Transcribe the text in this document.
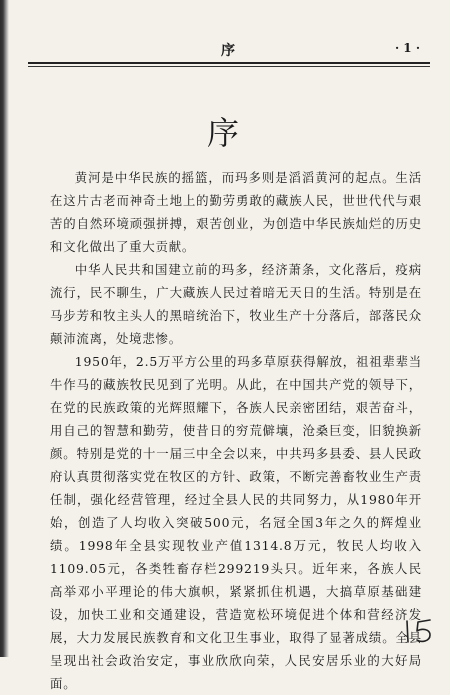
序	· 1 ·
序

黄河是中华民族的摇篮，而玛多则是滔滔黄河的起点。生活在这片古老而神奇土地上的勤劳勇敢的藏族人民，世世代代与艰苦的自然环境顽强拼搏，艰苦创业，为创造中华民族灿烂的历史和文化做出了重大贡献。

中华人民共和国建立前的玛多，经济萧条，文化落后，疫病流行，民不聊生，广大藏族人民过着暗无天日的生活。特别是在马步芳和牧主头人的黑暗统治下，牧业生产十分落后，部落民众颠沛流离，处境悲惨。

1950年，2.5万平方公里的玛多草原获得解放，祖祖辈辈当牛作马的藏族牧民见到了光明。从此，在中国共产党的领导下，在党的民族政策的光辉照耀下，各族人民亲密团结，艰苦奋斗，用自己的智慧和勤劳，使昔日的穷荒僻壤，沧桑巨变，旧貌换新颜。特别是党的十一届三中全会以来，中共玛多县委、县人民政府认真贯彻落实党在牧区的方针、政策，不断完善畜牧业生产责任制，强化经营管理，经过全县人民的共同努力，从1980年开始，创造了人均收入突破500元，名冠全国3年之久的辉煌业绩。1998年全县实现牧业产值1314.8万元，牧民人均收入1109.05元，各类牲畜存栏299219头只。近年来，各族人民高举邓小平理论的伟大旗帜，紧紧抓住机遇，大搞草原基础建设，加快工业和交通建设，营造宽松环境促进个体和营经济发展，大力发展民族教育和文化卫生事业，取得了显著成绩。全县呈现出社会政治安定，事业欣欣向荣，人民安居乐业的大好局面。
